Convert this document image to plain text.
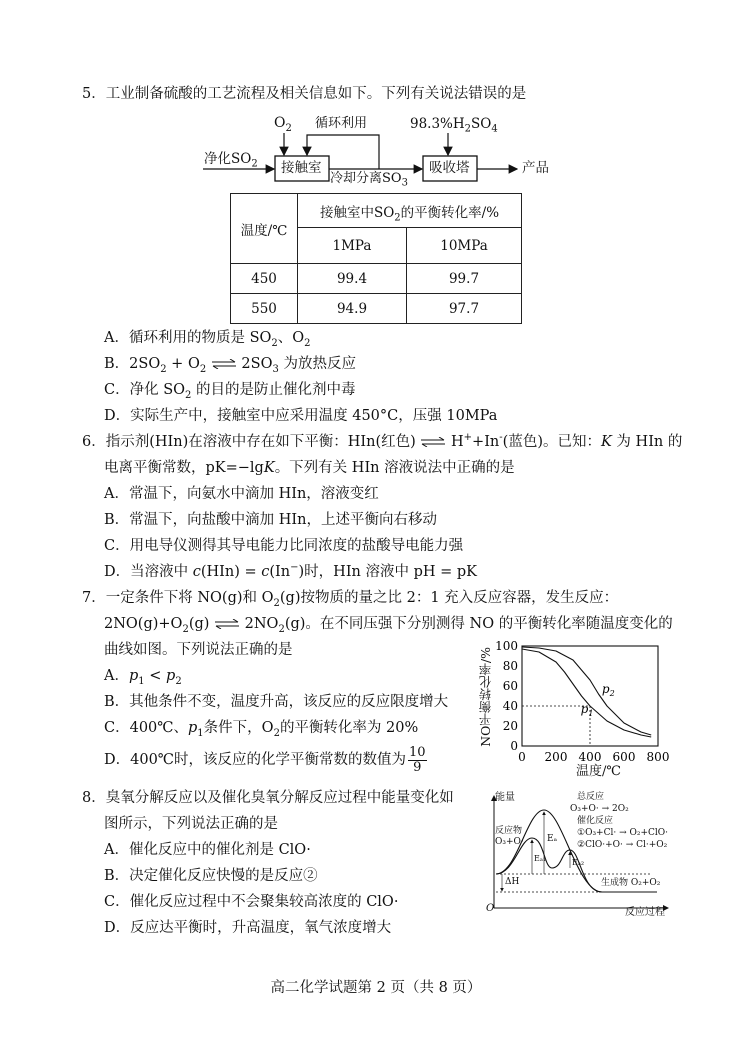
5．工业制备硫酸的工艺流程及相关信息如下。下列有关说法错误的是
$O_2$ 循环利用	$98.3\%H_2SO_4$
净化$SO_2$ 接触室
冷却分离$SO_3$
吸收塔	产品
温度/℃	接触室中$SO_2$的平衡转化率/%	
	1MPa	10MPa
450	99.4	99.7
550	94.9	97.7
A．循环利用的物质是 $SO_2$、$O_2$
B．$2SO_2 + O_2$ ⇌ $2SO_3$ 为放热反应
C．净化 $SO_2$ 的目的是防止催化剂中毒
D．实际生产中，接触室中应采用温度 450°C，压强 10MPa
6．指示剂(HIn)在溶液中存在如下平衡：HIn(红色) ⇌ H++In-(蓝色)。已知：K 为 HIn 的
电离平衡常数，pK=−lgK。下列有关 HIn 溶液说法中正确的是
A．常温下，向氨水中滴加 HIn，溶液变红
B．常温下，向盐酸中滴加 HIn，上述平衡向右移动
C．用电导仪测得其导电能力比同浓度的盐酸导电能力强
D．当溶液中 c(HIn) = c(In−)时，HIn 溶液中 pH = pK
7．一定条件下将 NO(g)和 $O_2(g)$按物质的量之比 2：1 充入反应容器，发生反应：
$2NO(g)+O_2(g)$ ⇌ $2NO_2(g)$。在不同压强下分别测得 NO 的平衡转化率随温度变化的
曲线如图。下列说法正确的是
A．$p_1 < p_2$
B．其他条件不变，温度升高，该反应的反应限度增大
C．400℃、$p_1$条件下，$O_2$的平衡转化率为 20%
D．400℃时，该反应的化学平衡常数的数值为 $\frac{10}{9}$
$p_2$
$p_1$
0
20
40
60
80
100
0 200 400 600 800
NO平衡转化率/%
温度/℃
8．臭氧分解反应以及催化臭氧分解反应过程中能量变化如
图所示，下列说法正确的是
A．催化反应中的催化剂是 ClO·
B．决定催化反应快慢的是反应②
C．催化反应过程中不会聚集较高浓度的 ClO·
D．反应达平衡时，升高温度，氧气浓度增大
能量
反应物
O₃+O·
总反应
O₃+O· → 2O₂
催化反应
①O₃+Cl· → O₂+ClO·
②ClO·+O· → Cl·+O₂
Eₐ
Eₐ₁	Eₐ₂
ΔH	生成物 O₂+O₂
O	反应过程
高二化学试题第 2 页（共 8 页）
